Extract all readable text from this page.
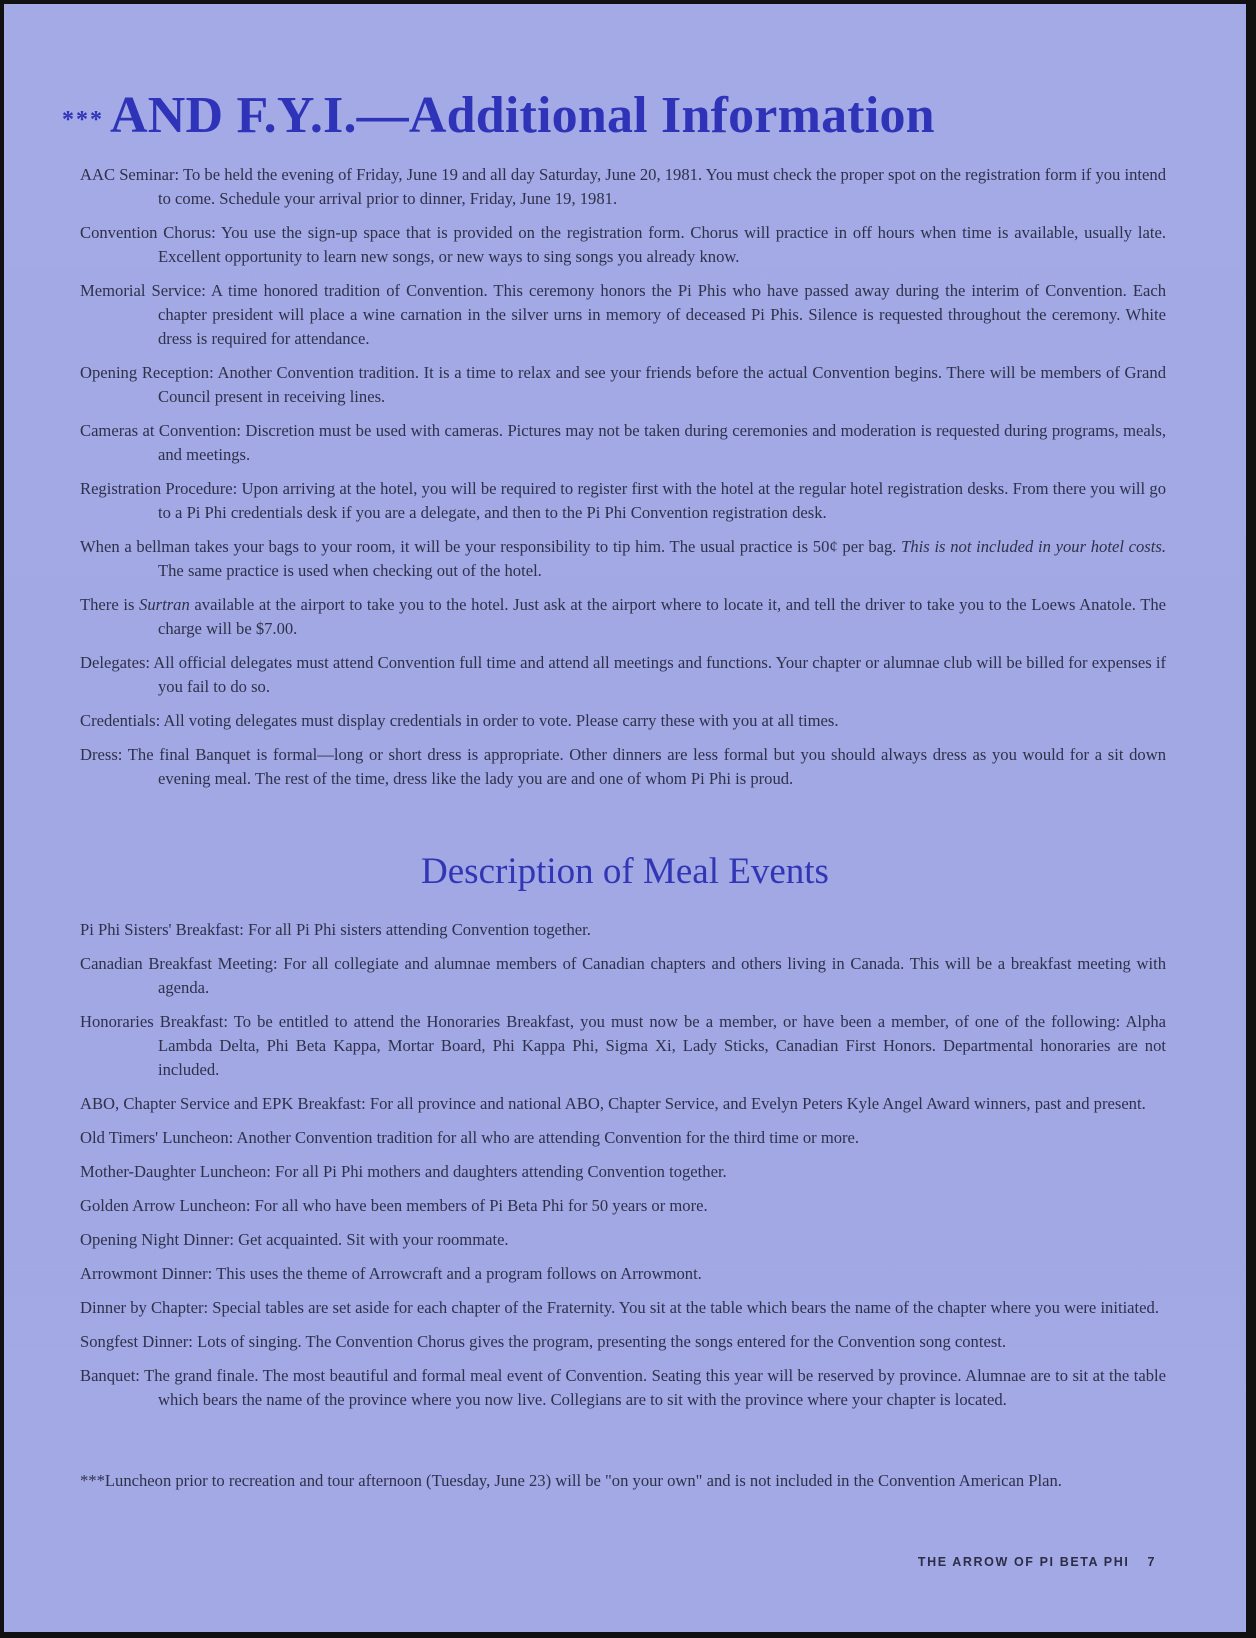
*** AND F.Y.I.—Additional Information

AAC Seminar: To be held the evening of Friday, June 19 and all day Saturday, June 20, 1981. You must check the proper spot on the registration form if you intend to come. Schedule your arrival prior to dinner, Friday, June 19, 1981.

Convention Chorus: You use the sign-up space that is provided on the registration form. Chorus will practice in off hours when time is available, usually late. Excellent opportunity to learn new songs, or new ways to sing songs you already know.

Memorial Service: A time honored tradition of Convention. This ceremony honors the Pi Phis who have passed away during the interim of Convention. Each chapter president will place a wine carnation in the silver urns in memory of deceased Pi Phis. Silence is requested throughout the ceremony. White dress is required for attendance.

Opening Reception: Another Convention tradition. It is a time to relax and see your friends before the actual Convention begins. There will be members of Grand Council present in receiving lines.

Cameras at Convention: Discretion must be used with cameras. Pictures may not be taken during ceremonies and moderation is requested during programs, meals, and meetings.

Registration Procedure: Upon arriving at the hotel, you will be required to register first with the hotel at the regular hotel registration desks. From there you will go to a Pi Phi credentials desk if you are a delegate, and then to the Pi Phi Convention registration desk.

When a bellman takes your bags to your room, it will be your responsibility to tip him. The usual practice is 50¢ per bag. This is not included in your hotel costs. The same practice is used when checking out of the hotel.

There is Surtran available at the airport to take you to the hotel. Just ask at the airport where to locate it, and tell the driver to take you to the Loews Anatole. The charge will be $7.00.

Delegates: All official delegates must attend Convention full time and attend all meetings and functions. Your chapter or alumnae club will be billed for expenses if you fail to do so.

Credentials: All voting delegates must display credentials in order to vote. Please carry these with you at all times.

Dress: The final Banquet is formal—long or short dress is appropriate. Other dinners are less formal but you should always dress as you would for a sit down evening meal. The rest of the time, dress like the lady you are and one of whom Pi Phi is proud.

Description of Meal Events

Pi Phi Sisters' Breakfast: For all Pi Phi sisters attending Convention together.

Canadian Breakfast Meeting: For all collegiate and alumnae members of Canadian chapters and others living in Canada. This will be a breakfast meeting with agenda.

Honoraries Breakfast: To be entitled to attend the Honoraries Breakfast, you must now be a member, or have been a member, of one of the following: Alpha Lambda Delta, Phi Beta Kappa, Mortar Board, Phi Kappa Phi, Sigma Xi, Lady Sticks, Canadian First Honors. Departmental honoraries are not included.

ABO, Chapter Service and EPK Breakfast: For all province and national ABO, Chapter Service, and Evelyn Peters Kyle Angel Award winners, past and present.

Old Timers' Luncheon: Another Convention tradition for all who are attending Convention for the third time or more.

Mother-Daughter Luncheon: For all Pi Phi mothers and daughters attending Convention together.

Golden Arrow Luncheon: For all who have been members of Pi Beta Phi for 50 years or more.

Opening Night Dinner: Get acquainted. Sit with your roommate.

Arrowmont Dinner: This uses the theme of Arrowcraft and a program follows on Arrowmont.

Dinner by Chapter: Special tables are set aside for each chapter of the Fraternity. You sit at the table which bears the name of the chapter where you were initiated.

Songfest Dinner: Lots of singing. The Convention Chorus gives the program, presenting the songs entered for the Convention song contest.

Banquet: The grand finale. The most beautiful and formal meal event of Convention. Seating this year will be reserved by province. Alumnae are to sit at the table which bears the name of the province where you now live. Collegians are to sit with the province where your chapter is located.

***Luncheon prior to recreation and tour afternoon (Tuesday, June 23) will be "on your own" and is not included in the Convention American Plan.

THE ARROW OF PI BETA PHI 7
